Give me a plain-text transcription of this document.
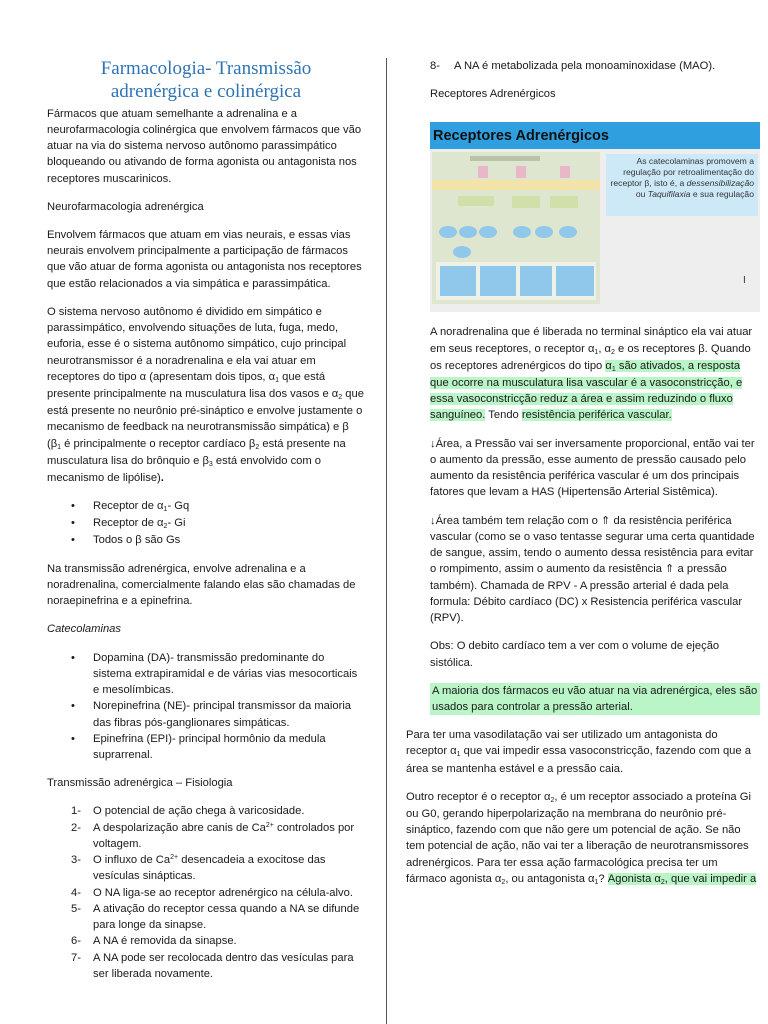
Farmacologia- Transmissão
adrenérgica e colinérgica

Fármacos que atuam semelhante a adrenalina e a neurofarmacologia colinérgica que envolvem fármacos que vão atuar na via do sistema nervoso autônomo parassimpático bloqueando ou ativando de forma agonista ou antagonista nos receptores muscarinicos.

Neurofarmacologia adrenérgica

Envolvem fármacos que atuam em vias neurais, e essas vias neurais envolvem principalmente a participação de fármacos que vão atuar de forma agonista ou antagonista nos receptores que estão relacionados a via simpática e parassimpática.

O sistema nervoso autônomo é dividido em simpático e parassimpático, envolvendo situações de luta, fuga, medo, euforia, esse é o sistema autônomo simpático, cujo principal neurotransmissor é a noradrenalina e ela vai atuar em receptores do tipo α (apresentam dois tipos, $\alpha_1$ que está presente principalmente na musculatura lisa dos vasos e $\alpha_2$ que está presente no neurônio pré-sináptico e envolve justamente o mecanismo de feedback na neurotransmissão simpática) e β ($\beta_1$ é principalmente o receptor cardíaco $\beta_2$ está presente na musculatura lisa do brônquio e $\beta_3$ está envolvido com o mecanismo de lipólise).

• Receptor de $\alpha_1-$ Gq
• Receptor de $\alpha_2-$ Gi
• Todos o β são Gs

Na transmissão adrenérgica, envolve adrenalina e a noradrenalina, comercialmente falando elas são chamadas de noraepinefrina e a epinefrina.

Catecolaminas

• Dopamina (DA)- transmissão predominante do sistema extrapiramidal e de várias vias mesocorticais e mesolímbicas.
• Norepinefrina (NE)- principal transmissor da maioria das fibras pós-ganglionares simpáticas.
• Epinefrina (EPI)- principal hormônio da medula suprarrenal.

Transmissão adrenérgica – Fisiologia

1- O potencial de ação chega à varicosidade.
2- A despolarização abre canis de $Ca^{2+}$ controlados por voltagem.
3- O influxo de $Ca^{2+}$ desencadeia a exocitose das vesículas sinápticas.
4- O NA liga-se ao receptor adrenérgico na célula-alvo.
5- A ativação do receptor cessa quando a NA se difunde para longe da sinapse.
6- A NA é removida da sinapse.
7- A NA pode ser recolocada dentro das vesículas para ser liberada novamente.
8- A NA é metabolizada pela monoaminoxidase (MAO).

Receptores Adrenérgicos

Receptores Adrenérgicos
As catecolaminas promovem a regulação por retroalimentação do receptor β, isto é, a dessensibilização ou Taquifilaxia e sua regulação
I

A noradrenalina que é liberada no terminal sináptico ela vai atuar em seus receptores, o receptor $\alpha_1$, $\alpha_2$ e os receptores β. Quando os receptores adrenérgicos do tipo $\alpha_1$ são ativados, a resposta que ocorre na musculatura lisa vascular é a vasoconstricção, e essa vasoconstricção reduz a área e assim reduzindo o fluxo sanguíneo. Tendo resistência periférica vascular.

↓Área, a Pressão vai ser inversamente proporcional, então vai ter o aumento da pressão, esse aumento de pressão causado pelo aumento da resistência periférica vascular é um dos principais fatores que levam a HAS (Hipertensão Arterial Sistêmica).

↓Área também tem relação com o ⇑ da resistência periférica vascular (como se o vaso tentasse segurar uma certa quantidade de sangue, assim, tendo o aumento dessa resistência para evitar o rompimento, assim o aumento da resistência ⇑ a pressão também). Chamada de RPV - A pressão arterial é dada pela formula: Débito cardíaco (DC) x Resistencia periférica vascular (RPV).

Obs: O debito cardíaco tem a ver com o volume de ejeção sistólica.

A maioria dos fármacos eu vão atuar na via adrenérgica, eles são usados para controlar a pressão arterial.

Para ter uma vasodilatação vai ser utilizado um antagonista do receptor $\alpha_1$ que vai impedir essa vasoconstricção, fazendo com que a área se mantenha estável e a pressão caia.

Outro receptor é o receptor $\alpha_2$, é um receptor associado a proteína Gi ou G0, gerando hiperpolarização na membrana do neurônio pré-sináptico, fazendo com que não gere um potencial de ação. Se não tem potencial de ação, não vai ter a liberação de neurotransmissores adrenérgicos. Para ter essa ação farmacológica precisa ter um fármaco agonista $\alpha_2$, ou antagonista $\alpha_1$? Agonista $\alpha_2$, que vai impedir a
